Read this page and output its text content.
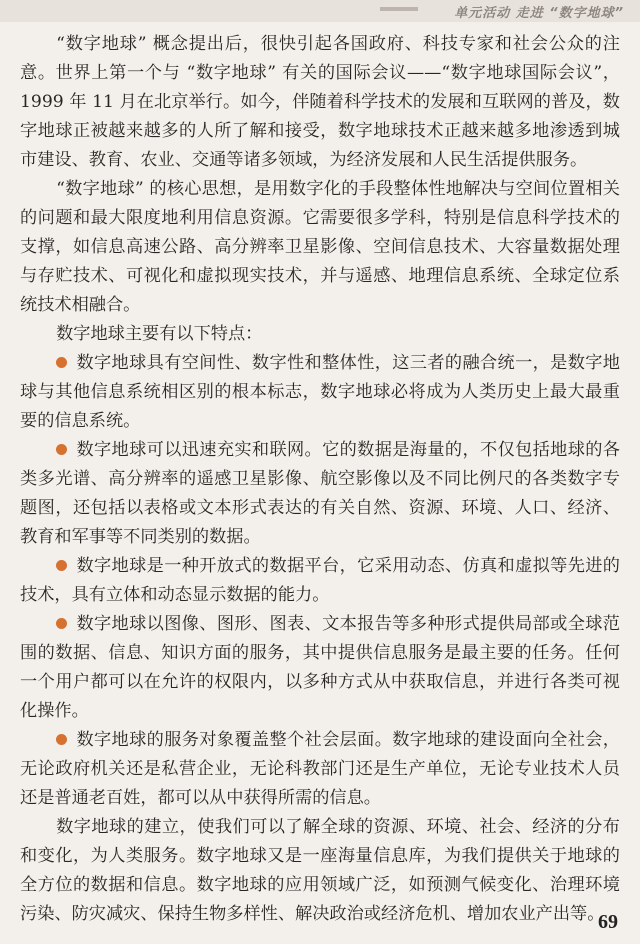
单元活动 走进 “数字地球”

“数字地球” 概念提出后，很快引起各国政府、科技专家和社会公众的注意。世界上第一个与 “数字地球” 有关的国际会议——“数字地球国际会议”，1999 年 11 月在北京举行。如今，伴随着科学技术的发展和互联网的普及，数字地球正被越来越多的人所了解和接受，数字地球技术正越来越多地渗透到城市建设、教育、农业、交通等诸多领域，为经济发展和人民生活提供服务。

“数字地球” 的核心思想，是用数字化的手段整体性地解决与空间位置相关的问题和最大限度地利用信息资源。它需要很多学科，特别是信息科学技术的支撑，如信息高速公路、高分辨率卫星影像、空间信息技术、大容量数据处理与存贮技术、可视化和虚拟现实技术，并与遥感、地理信息系统、全球定位系统技术相融合。

数字地球主要有以下特点：

数字地球具有空间性、数字性和整体性，这三者的融合统一，是数字地球与其他信息系统相区别的根本标志，数字地球必将成为人类历史上最大最重要的信息系统。

数字地球可以迅速充实和联网。它的数据是海量的，不仅包括地球的各类多光谱、高分辨率的遥感卫星影像、航空影像以及不同比例尺的各类数字专题图，还包括以表格或文本形式表达的有关自然、资源、环境、人口、经济、教育和军事等不同类别的数据。

数字地球是一种开放式的数据平台，它采用动态、仿真和虚拟等先进的技术，具有立体和动态显示数据的能力。

数字地球以图像、图形、图表、文本报告等多种形式提供局部或全球范围的数据、信息、知识方面的服务，其中提供信息服务是最主要的任务。任何一个用户都可以在允许的权限内，以多种方式从中获取信息，并进行各类可视化操作。

数字地球的服务对象覆盖整个社会层面。数字地球的建设面向全社会，无论政府机关还是私营企业，无论科教部门还是生产单位，无论专业技术人员还是普通老百姓，都可以从中获得所需的信息。

数字地球的建立，使我们可以了解全球的资源、环境、社会、经济的分布和变化，为人类服务。数字地球又是一座海量信息库，为我们提供关于地球的全方位的数据和信息。数字地球的应用领域广泛，如预测气候变化、治理环境污染、防灾减灾、保持生物多样性、解决政治或经济危机、增加农业产出等。

69
